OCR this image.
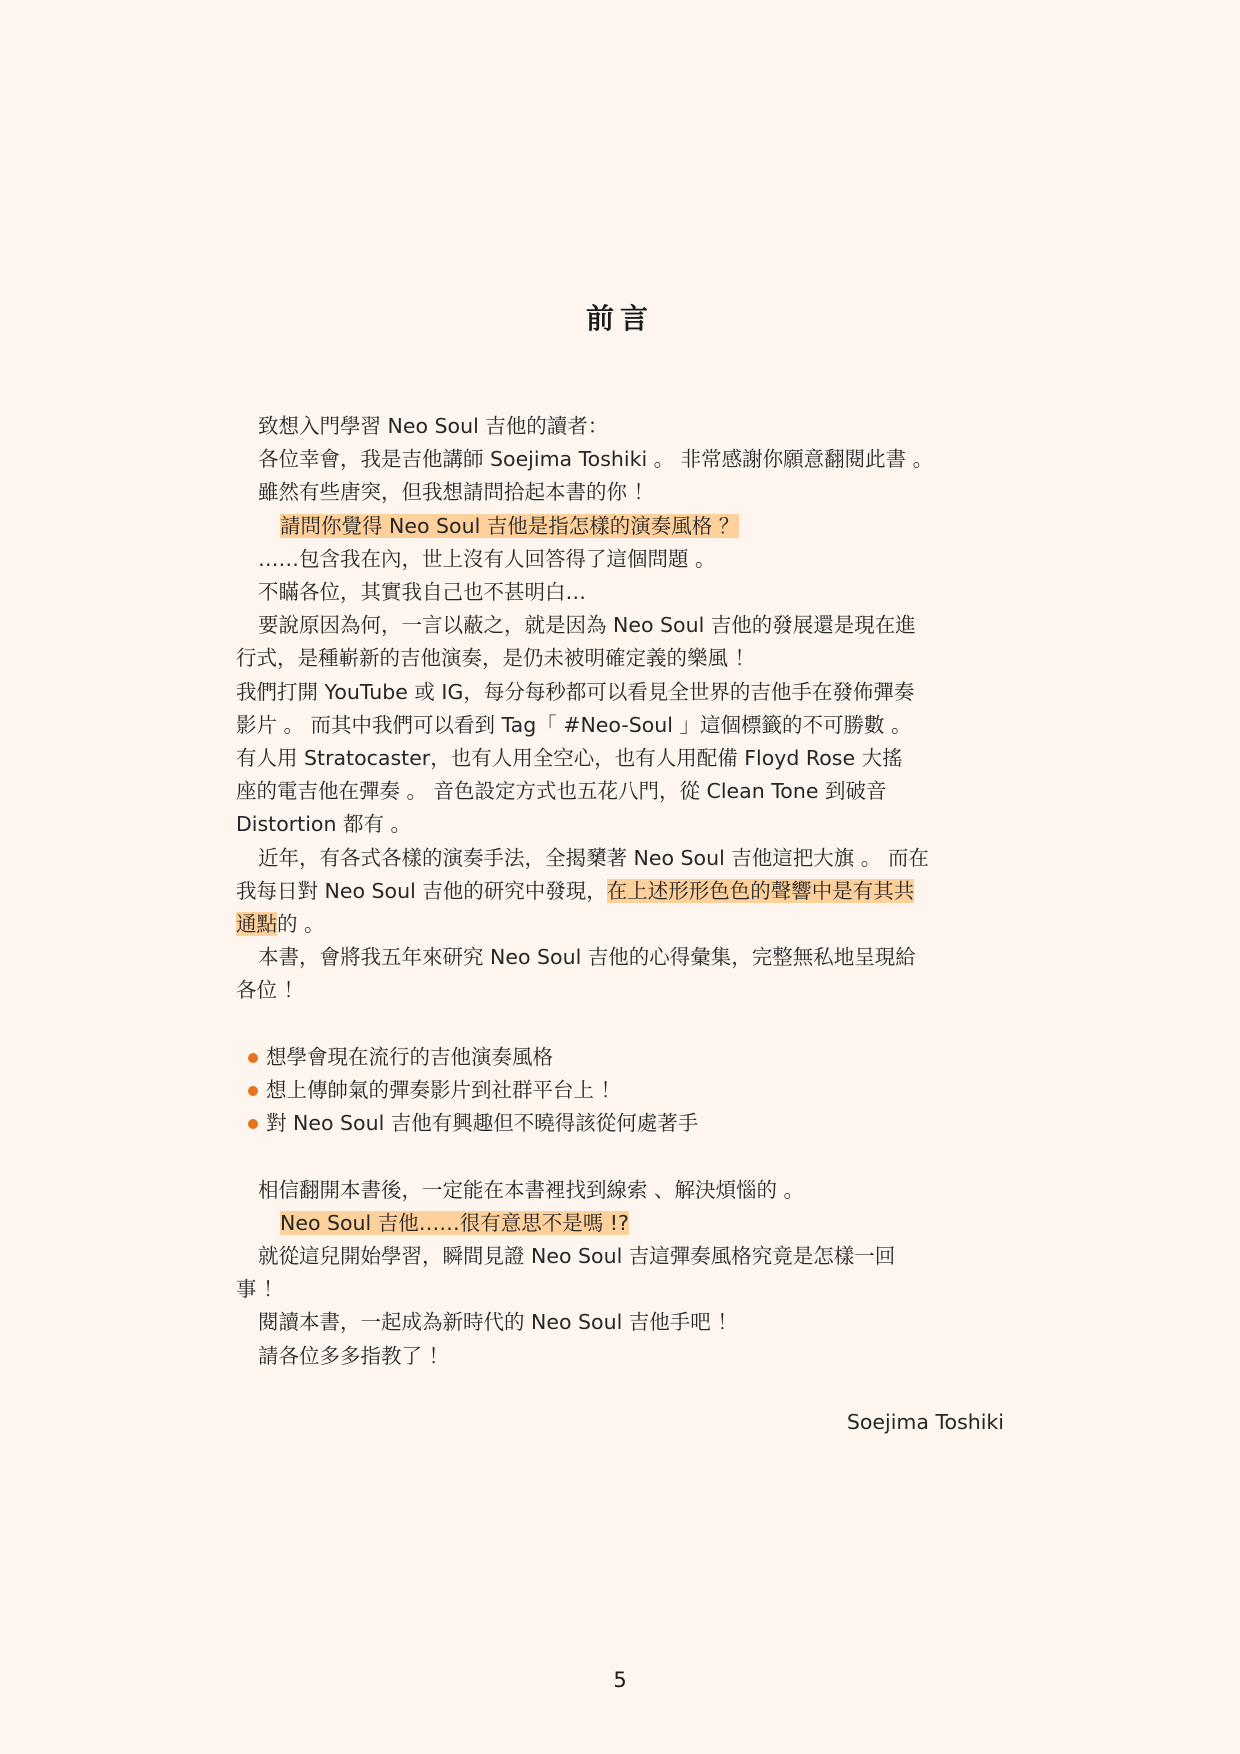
前言
致想入門學習 Neo Soul 吉他的讀者：
各位幸會，我是吉他講師 Soejima Toshiki 。 非常感謝你願意翻閱此書 。
雖然有些唐突，但我想請問拾起本書的你 ！
請問你覺得 Neo Soul 吉他是指怎樣的演奏風格 ？
……包含我在內，世上沒有人回答得了這個問題 。
不瞞各位，其實我自己也不甚明白…
要說原因為何，一言以蔽之，就是因為 Neo Soul 吉他的發展還是現在進
行式，是種嶄新的吉他演奏，是仍未被明確定義的樂風 ！
我們打開 YouTube 或 IG，每分每秒都可以看見全世界的吉他手在發佈彈奏
影片 。 而其中我們可以看到 Tag「 #Neo-Soul 」這個標籤的不可勝數 。
有人用 Stratocaster，也有人用全空心，也有人用配備 Floyd Rose 大搖
座的電吉他在彈奏 。 音色設定方式也五花八門，從 Clean Tone 到破音
Distortion 都有 。
近年，有各式各樣的演奏手法，全揭櫫著 Neo Soul 吉他這把大旗 。 而在
我每日對 Neo Soul 吉他的研究中發現，在上述形形色色的聲響中是有其共
通點的 。
本書，會將我五年來研究 Neo Soul 吉他的心得彙集，完整無私地呈現給
各位 ！
想學會現在流行的吉他演奏風格
想上傳帥氣的彈奏影片到社群平台上 ！
對 Neo Soul 吉他有興趣但不曉得該從何處著手
相信翻開本書後，一定能在本書裡找到線索 、解決煩惱的 。
Neo Soul 吉他……很有意思不是嗎 !?
就從這兒開始學習，瞬間見證 Neo Soul 吉這彈奏風格究竟是怎樣一回
事 ！
閱讀本書，一起成為新時代的 Neo Soul 吉他手吧 ！
請各位多多指教了 ！
Soejima Toshiki
5
